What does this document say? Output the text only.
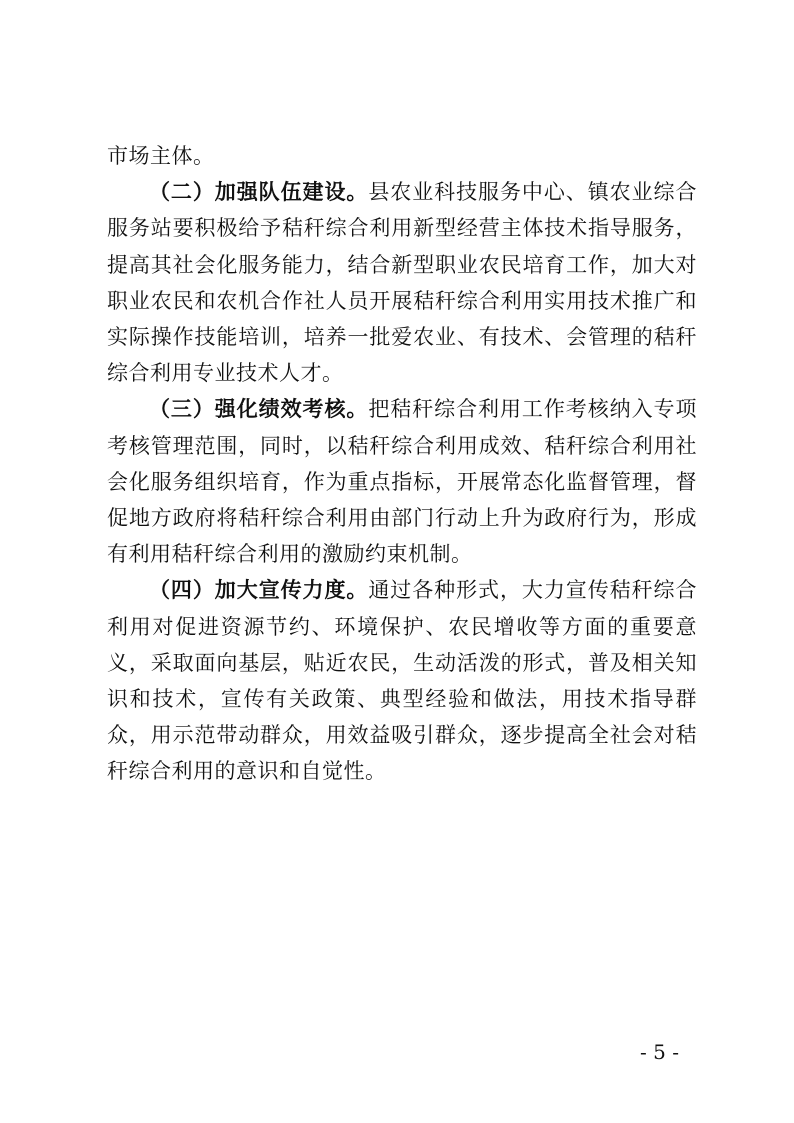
市场主体。

（二）加强队伍建设。县农业科技服务中心、镇农业综合服务站要积极给予秸秆综合利用新型经营主体技术指导服务，提高其社会化服务能力，结合新型职业农民培育工作，加大对职业农民和农机合作社人员开展秸秆综合利用实用技术推广和实际操作技能培训，培养一批爱农业、有技术、会管理的秸秆综合利用专业技术人才。

（三）强化绩效考核。把秸秆综合利用工作考核纳入专项考核管理范围，同时，以秸秆综合利用成效、秸秆综合利用社会化服务组织培育，作为重点指标，开展常态化监督管理，督促地方政府将秸秆综合利用由部门行动上升为政府行为，形成有利用秸秆综合利用的激励约束机制。

（四）加大宣传力度。通过各种形式，大力宣传秸秆综合利用对促进资源节约、环境保护、农民增收等方面的重要意义，采取面向基层，贴近农民，生动活泼的形式，普及相关知识和技术，宣传有关政策、典型经验和做法，用技术指导群众，用示范带动群众，用效益吸引群众，逐步提高全社会对秸秆综合利用的意识和自觉性。

- 5 -
